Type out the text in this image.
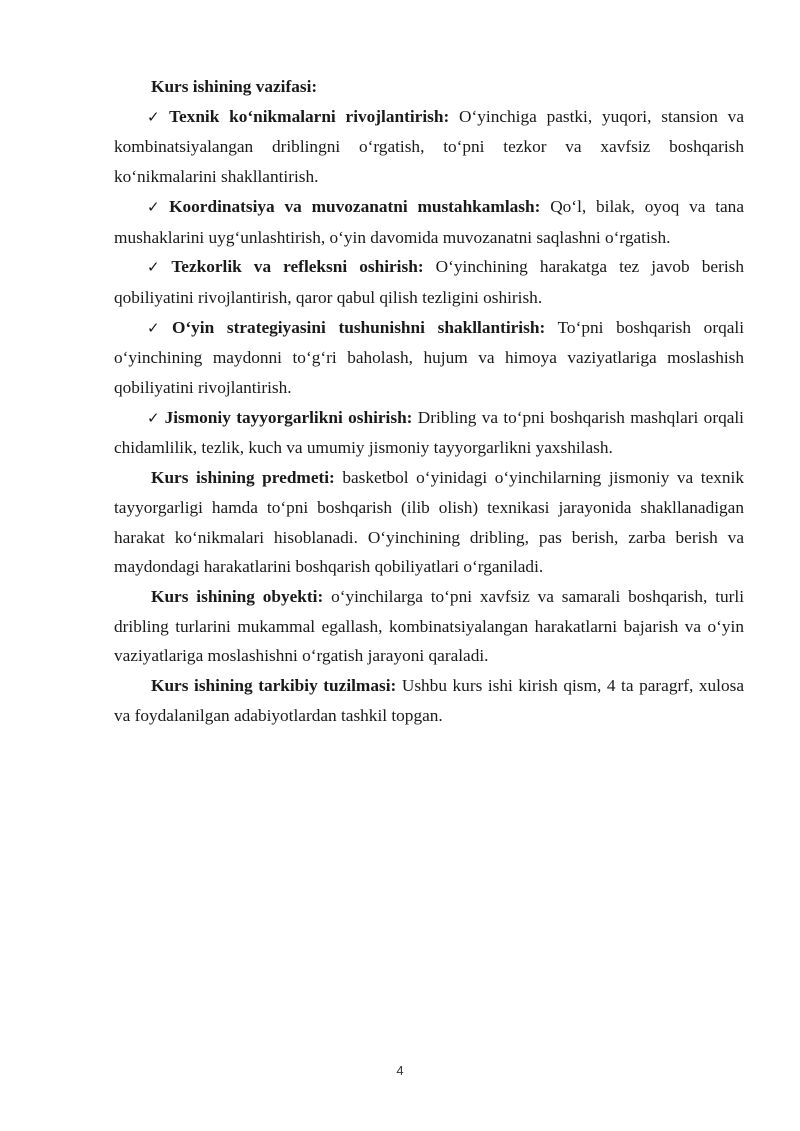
Kurs ishining vazifasi:

✓ Texnik ko‘nikmalarni rivojlantirish: O‘yinchiga pastki, yuqori, stansion va kombinatsiyalangan driblingni o‘rgatish, to‘pni tezkor va xavfsiz boshqarish ko‘nikmalarini shakllantirish.

✓ Koordinatsiya va muvozanatni mustahkamlash: Qo‘l, bilak, oyoq va tana mushaklarini uyg‘unlashtirish, o‘yin davomida muvozanatni saqlashni o‘rgatish.

✓ Tezkorlik va refleksni oshirish: O‘yinchining harakatga tez javob berish qobiliyatini rivojlantirish, qaror qabul qilish tezligini oshirish.

✓ O‘yin strategiyasini tushunishni shakllantirish: To‘pni boshqarish orqali o‘yinchining maydonni to‘g‘ri baholash, hujum va himoya vaziyatlariga moslashish qobiliyatini rivojlantirish.

✓ Jismoniy tayyorgarlikni oshirish: Dribling va to‘pni boshqarish mashqlari orqali chidamlilik, tezlik, kuch va umumiy jismoniy tayyorgarlikni yaxshilash.

Kurs ishining predmeti: basketbol o‘yinidagi o‘yinchilarning jismoniy va texnik tayyorgarligi hamda to‘pni boshqarish (ilib olish) texnikasi jarayonida shakllanadigan harakat ko‘nikmalari hisoblanadi. O‘yinchining dribling, pas berish, zarba berish va maydondagi harakatlarini boshqarish qobiliyatlari o‘rganiladi.

Kurs ishining obyekti: o‘yinchilarga to‘pni xavfsiz va samarali boshqarish, turli dribling turlarini mukammal egallash, kombinatsiyalangan harakatlarni bajarish va o‘yin vaziyatlariga moslashishni o‘rgatish jarayoni qaraladi.

Kurs ishining tarkibiy tuzilmasi: Ushbu kurs ishi kirish qism, 4 ta paragrf, xulosa va foydalanilgan adabiyotlardan tashkil topgan.

4
